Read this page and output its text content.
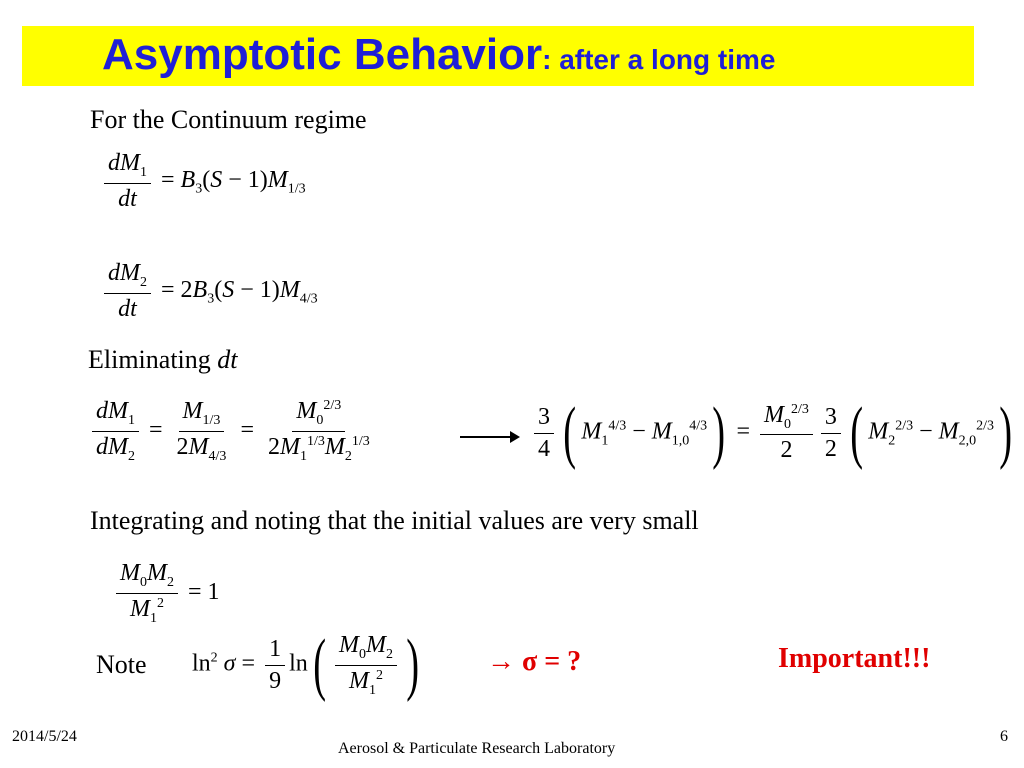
Asymptotic Behavior: after a long time
For the Continuum regime
$\frac{dM_1}{dt} = B_3(S - 1)M_{1/3}$
$\frac{dM_2}{dt} = 2B_3(S - 1)M_{4/3}$
Eliminating dt
$\frac{dM_1}{dM_2} = \frac{M_{1/3}}{2M_{4/3}} = \frac{M_0^{2/3}}{2M_1^{1/3}M_2^{1/3}}$	$\frac{3}{4}$ ( $M_1^{4/3} - M_{1,0}^{4/3}) = \frac{M_0^{2/3}}{2} \frac{3}{2}$ ( $M_2^{2/3} - M_{2,0}^{2/3}$)
Integrating and noting that the initial values are very small
$\frac{M_0M_2}{M_1^2} = 1$
Note $\ln^2 \sigma = \frac{1}{9} \ln( \frac{M_0M_2}{M_1^2}$ ) → σ = ?	Important!!!
2014/5/24
Aerosol & Particulate Research Laboratory
6
